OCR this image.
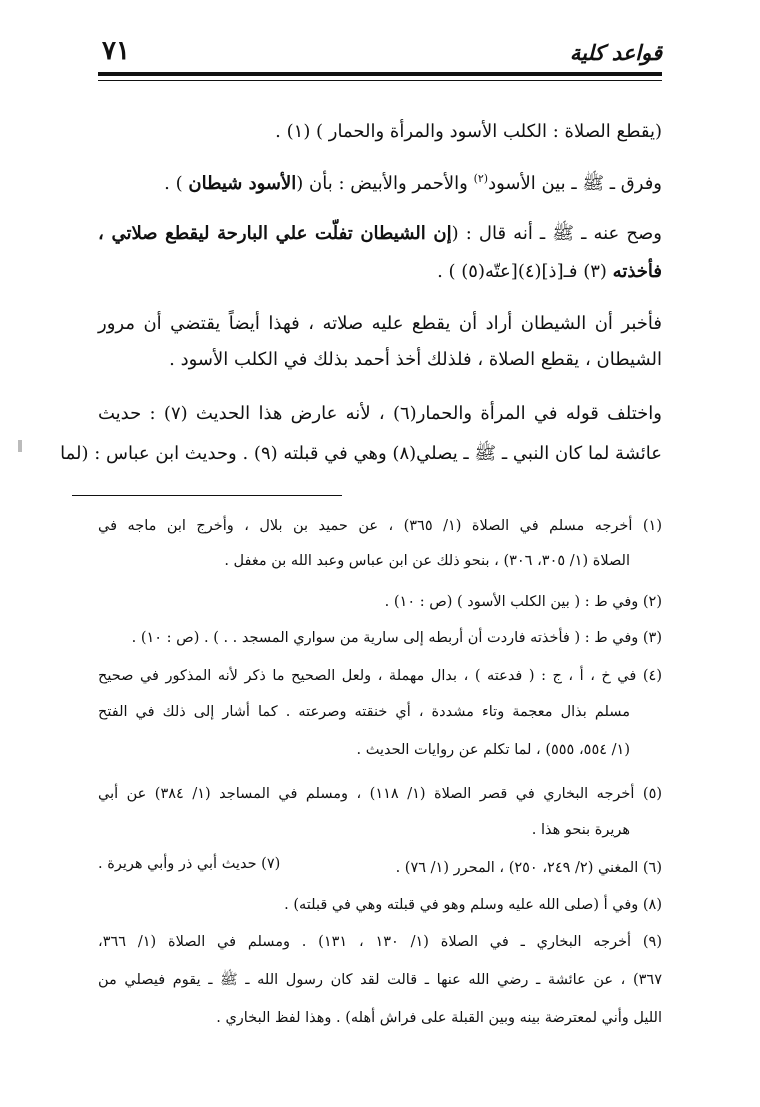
قواعد كلية
٧١
(يقطع الصلاة : الكلب الأسود والمرأة والحمار ) (١) .
وفرق ـ ﷺ ـ بين الأسود$^{(٢)}$ والأحمر والأبيض : بأن (الأسود شيطان ) .
وصح عنه ـ ﷺ ـ أنه قال : (إن الشيطان تفلّت علي البارحة ليقطع صلاتي ،
فأخذته (٣) فـ[ذ](٤)[عتّه(٥) ) .
فأخبر أن الشيطان أراد أن يقطع عليه صلاته ، فهذا أيضاً يقتضي أن مرور
الشيطان ، يقطع الصلاة ، فلذلك أخذ أحمد بذلك في الكلب الأسود .
واختلف قوله في المرأة والحمار(٦) ، لأنه عارض هذا الحديث (٧) : حديث
عائشة لما كان النبي ـ ﷺ ـ يصلي(٨) وهي في قبلته (٩) . وحديث ابن عباس : (لما
(١) أخرجه مسلم في الصلاة (١/ ٣٦٥) ، عن حميد بن بلال ، وأخرج ابن ماجه في
الصلاة (١/ ٣٠٥، ٣٠٦) ، بنحو ذلك عن ابن عباس وعبد الله بن مغفل .
(٢) وفي ط : ( بين الكلب الأسود ) (ص : ١٠) .
(٣) وفي ط : ( فأخذته فاردت أن أربطه إلى سارية من سواري المسجد . . ) . (ص : ١٠) .
(٤) في خ ، أ ، ج : ( فدعته ) ، بدال مهملة ، ولعل الصحيح ما ذكر لأنه المذكور في صحيح
مسلم بذال معجمة وتاء مشددة ، أي خنقته وصرعته . كما أشار إلى ذلك في الفتح
(١/ ٥٥٤، ٥٥٥) ، لما تكلم عن روايات الحديث .
(٥) أخرجه البخاري في قصر الصلاة (١/ ١١٨) ، ومسلم في المساجد (١/ ٣٨٤) عن أبي
هريرة بنحو هذا .
(٦) المغني (٢/ ٢٤٩، ٢٥٠) ، المحرر (١/ ٧٦) .
(٧) حديث أبي ذر وأبي هريرة .
(٨) وفي أ (صلى الله عليه وسلم وهو في قبلته وهي في قبلته) .
(٩) أخرجه البخاري ـ في الصلاة (١/ ١٣٠ ، ١٣١) . ومسلم في الصلاة (١/ ٣٦٦،
٣٦٧) ، عن عائشة ـ رضي الله عنها ـ قالت لقد كان رسول الله ـ ﷺ ـ يقوم فيصلي من
الليل وأني لمعترضة بينه وبين القبلة على فراش أهله) . وهذا لفظ البخاري .
